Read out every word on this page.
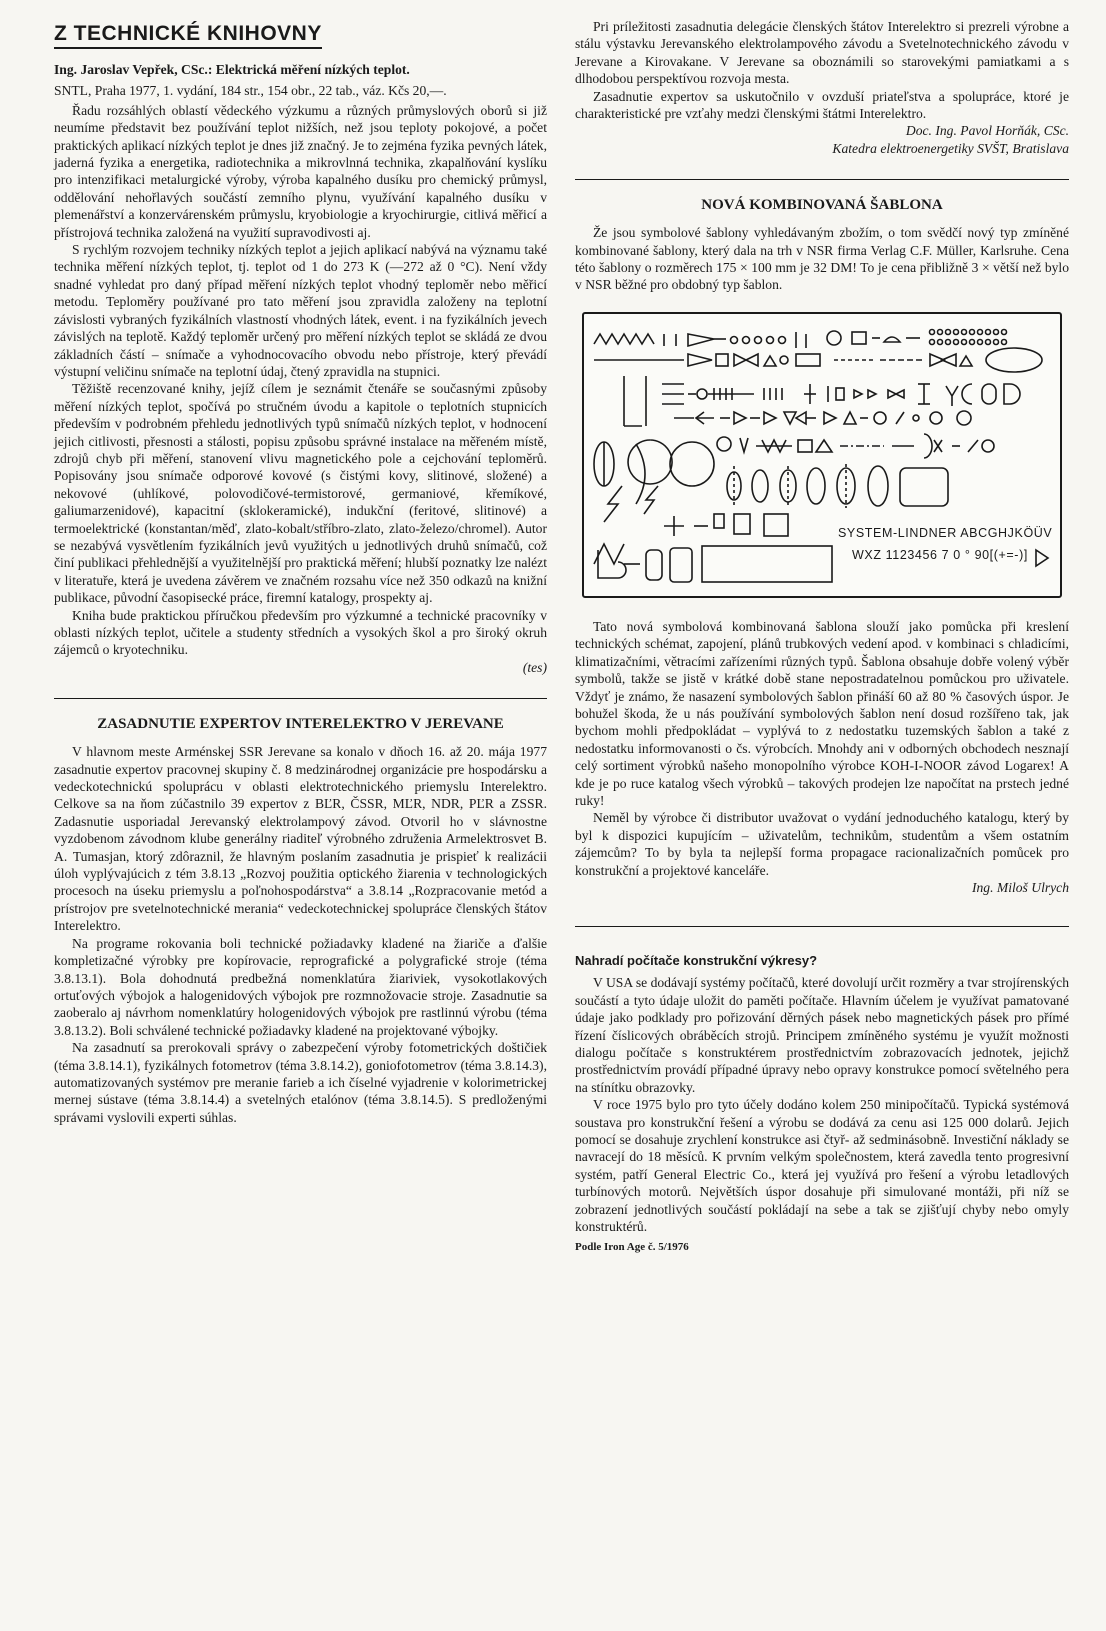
Z TECHNICKÉ KNIHOVNY
Ing. Jaroslav Vepřek, CSc.: Elektrická měření nízkých teplot.
SNTL, Praha 1977, 1. vydání, 184 str., 154 obr., 22 tab., váz. Kčs 20,—.

Řadu rozsáhlých oblastí vědeckého výzkumu a různých průmyslových oborů si již neumíme představit bez používání teplot nižších, než jsou teploty pokojové, a počet praktických aplikací nízkých teplot je dnes již značný. Je to zejména fyzika pevných látek, jaderná fyzika a energetika, radiotechnika a mikrovlnná technika, zkapalňování kyslíku pro intenzifikaci metalurgické výroby, výroba kapalného dusíku pro chemický průmysl, oddělování nehořlavých součástí zemního plynu, využívání kapalného dusíku v plemenářství a konzervárenském průmyslu, kryobiologie a kryochirurgie, citlivá měřicí a přístrojová technika založená na využití supravodivosti aj.

S rychlým rozvojem techniky nízkých teplot a jejich aplikací nabývá na významu také technika měření nízkých teplot, tj. teplot od 1 do 273 K (—272 až 0 °C). Není vždy snadné vyhledat pro daný případ měření nízkých teplot vhodný teploměr nebo měřicí metodu. Teploměry používané pro tato měření jsou zpravidla založeny na teplotní závislosti vybraných fyzikálních vlastností vhodných látek, event. i na fyzikálních jevech závislých na teplotě. Každý teploměr určený pro měření nízkých teplot se skládá ze dvou základních částí – snímače a vyhodnocovacího obvodu nebo přístroje, který převádí výstupní veličinu snímače na teplotní údaj, čtený zpravidla na stupnici.

Těžiště recenzované knihy, jejíž cílem je seznámit čtenáře se současnými způsoby měření nízkých teplot, spočívá po stručném úvodu a kapitole o teplotních stupnicích především v podrobném přehledu jednotlivých typů snímačů nízkých teplot, v hodnocení jejich citlivosti, přesnosti a stálosti, popisu způsobu správné instalace na měřeném místě, zdrojů chyb při měření, stanovení vlivu magnetického pole a cejchování teploměrů. Popisovány jsou snímače odporové kovové (s čistými kovy, slitinové, složené) a nekovové (uhlíkové, polovodičové-termistorové, germaniové, křemíkové, galiumarzenidové), kapacitní (sklokeramické), indukční (feritové, slitinové) a termoelektrické (konstantan/měď, zlato-kobalt/stříbro-zlato, zlato-železo/chromel). Autor se nezabývá vysvětlením fyzikálních jevů využitých u jednotlivých druhů snímačů, což činí publikaci přehlednější a využitelnější pro praktická měření; hlubší poznatky lze nalézt v literatuře, která je uvedena závěrem ve značném rozsahu více než 350 odkazů na knižní publikace, původní časopisecké práce, firemní katalogy, prospekty aj.

Kniha bude praktickou příručkou především pro výzkumné a technické pracovníky v oblasti nízkých teplot, učitele a studenty středních a vysokých škol a pro široký okruh zájemců o kryotechniku.

(tes)
ZASADNUTIE EXPERTOV INTERELEKTRO V JEREVANE

V hlavnom meste Arménskej SSR Jerevane sa konalo v dňoch 16. až 20. mája 1977 zasadnutie expertov pracovnej skupiny č. 8 medzinárodnej organizácie pre hospodársku a vedeckotechnickú spoluprácu v oblasti elektrotechnického priemyslu Interelektro. Celkove sa na ňom zúčastnilo 39 expertov z BĽR, ČSSR, MĽR, NDR, PĽR a ZSSR. Zadasnutie usporiadal Jerevanský elektrolampový závod. Otvoril ho v slávnostne vyzdobenom závodnom klube generálny riaditeľ výrobného združenia Armelektrosvet B. A. Tumasjan, ktorý zdôraznil, že hlavným poslaním zasadnutia je prispieť k realizácii úloh vyplývajúcich z tém 3.8.13 „Rozvoj použitia optického žiarenia v technologických procesoch na úseku priemyslu a poľnohospodárstva“ a 3.8.14 „Rozpracovanie metód a prístrojov pre svetelnotechnické merania“ vedeckotechnickej spolupráce členských štátov Interelektro.

Na programe rokovania boli technické požiadavky kladené na žiariče a ďalšie kompletizačné výrobky pre kopírovacie, reprografické a polygrafické stroje (téma 3.8.13.1). Bola dohodnutá predbežná nomenklatúra žiariviek, vysokotlakových ortuťových výbojok a halogenidových výbojok pre rozmnožovacie stroje. Zasadnutie sa zaoberalo aj návrhom nomenklatúry hologenidových výbojok pre rastlinnú výrobu (téma 3.8.13.2). Boli schválené technické požiadavky kladené na projektované výbojky.

Na zasadnutí sa prerokovali správy o zabezpečení výroby fotometrických doštičiek (téma 3.8.14.1), fyzikálnych fotometrov (téma 3.8.14.2), goniofotometrov (téma 3.8.14.3), automatizovaných systémov pre meranie farieb a ich číselné vyjadrenie v kolorimetrickej mernej sústave (téma 3.8.14.4) a svetelných etalónov (téma 3.8.14.5). S predloženými správami vyslovili experti súhlas.

Pri príležitosti zasadnutia delegácie členských štátov Interelektro si prezreli výrobne a stálu výstavku Jerevanského elektrolampového závodu a Svetelnotechnického závodu v Jerevane a Kirovakane. V Jerevane sa oboznámili so starovekými pamiatkami a s dlhodobou perspektívou rozvoja mesta.

Zasadnutie expertov sa uskutočnilo v ovzduší priateľstva a spolupráce, ktoré je charakteristické pre vzťahy medzi členskými štátmi Interelektro.

Doc. Ing. Pavol Horňák, CSc.
Katedra elektroenergetiky SVŠT, Bratislava
NOVÁ KOMBINOVANÁ ŠABLONA

Že jsou symbolové šablony vyhledávaným zbožím, o tom svědčí nový typ zmíněné kombinované šablony, který dala na trh v NSR firma Verlag C.F. Müller, Karlsruhe. Cena této šablony o rozměrech 175 × 100 mm je 32 DM! To je cena přibližně 3 × větší než bylo v NSR běžné pro obdobný typ šablon.

SYSTEM-LINDNER ABCGHJKÖÜV
WXZ 1123456 7 0 ° 90[(+=-)]

Tato nová symbolová kombinovaná šablona slouží jako pomůcka při kreslení technických schémat, zapojení, plánů trubkových vedení apod. v kombinaci s chladicími, klimatizačními, větracími zařízeními různých typů. Šablona obsahuje dobře volený výběr symbolů, takže se jistě v krátké době stane nepostradatelnou pomůckou pro uživatele. Vždyť je známo, že nasazení symbolových šablon přináší 60 až 80 % časových úspor. Je bohužel škoda, že u nás používání symbolových šablon není dosud rozšířeno tak, jak bychom mohli předpokládat – vyplývá to z nedostatku tuzemských šablon a také z nedostatku informovanosti o čs. výrobcích. Mnohdy ani v odborných obchodech nesznají celý sortiment výrobků našeho monopolního výrobce KOH-I-NOOR závod Logarex! A kde je po ruce katalog všech výrobků – takových prodejen lze napočítat na prstech jedné ruky!

Neměl by výrobce či distributor uvažovat o vydání jednoduchého katalogu, který by byl k dispozici kupujícím – uživatelům, technikům, studentům a všem ostatním zájemcům? To by byla ta nejlepší forma propagace racionalizačních pomůcek pro konstrukční a projektové kanceláře.

Ing. Miloš Ulrych
Nahradí počítače konstrukční výkresy?

V USA se dodávají systémy počítačů, které dovolují určit rozměry a tvar strojírenských součástí a tyto údaje uložit do paměti počítače. Hlavním účelem je využívat pamatované údaje jako podklady pro pořizování děrných pásek nebo magnetických pásek pro přímé řízení číslicových obráběcích strojů. Principem zmíněného systému je využít možnosti dialogu počítače s konstruktérem prostřednictvím zobrazovacích jednotek, jejichž prostřednictvím provádí případné úpravy nebo opravy konstrukce pomocí světelného pera na stínítku obrazovky.

V roce 1975 bylo pro tyto účely dodáno kolem 250 minipočítačů. Typická systémová soustava pro konstrukční řešení a výrobu se dodává za cenu asi 125 000 dolarů. Jejich pomocí se dosahuje zrychlení konstrukce asi čtyř- až sedminásobně. Investiční náklady se navracejí do 18 měsíců. K prvním velkým společnostem, která zavedla tento progresivní systém, patří General Electric Co., která jej využívá pro řešení a výrobu letadlových turbínových motorů. Největších úspor dosahuje při simulované montáži, při níž se zobrazení jednotlivých součástí pokládají na sebe a tak se zjišťují chyby nebo omyly konstruktérů.

Podle Iron Age č. 5/1976
